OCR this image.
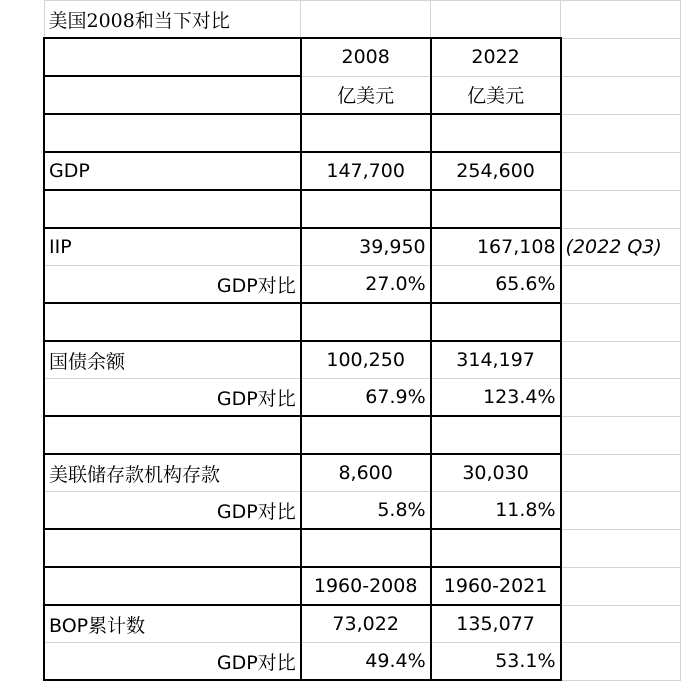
美国2008和当下对比			
	2008	2022	
	亿美元	亿美元	

GDP	147,700	254,600	

IIP	39,950	167,108	(2022 Q3)
GDP对比	27.0%	65.6%	

国债余额	100,250	314,197	
GDP对比	67.9%	123.4%	

美联储存款机构存款	8,600	30,030	
GDP对比	5.8%	11.8%	

	1960-2008	1960-2021	
BOP累计数	73,022	135,077	
GDP对比	49.4%	53.1%	
